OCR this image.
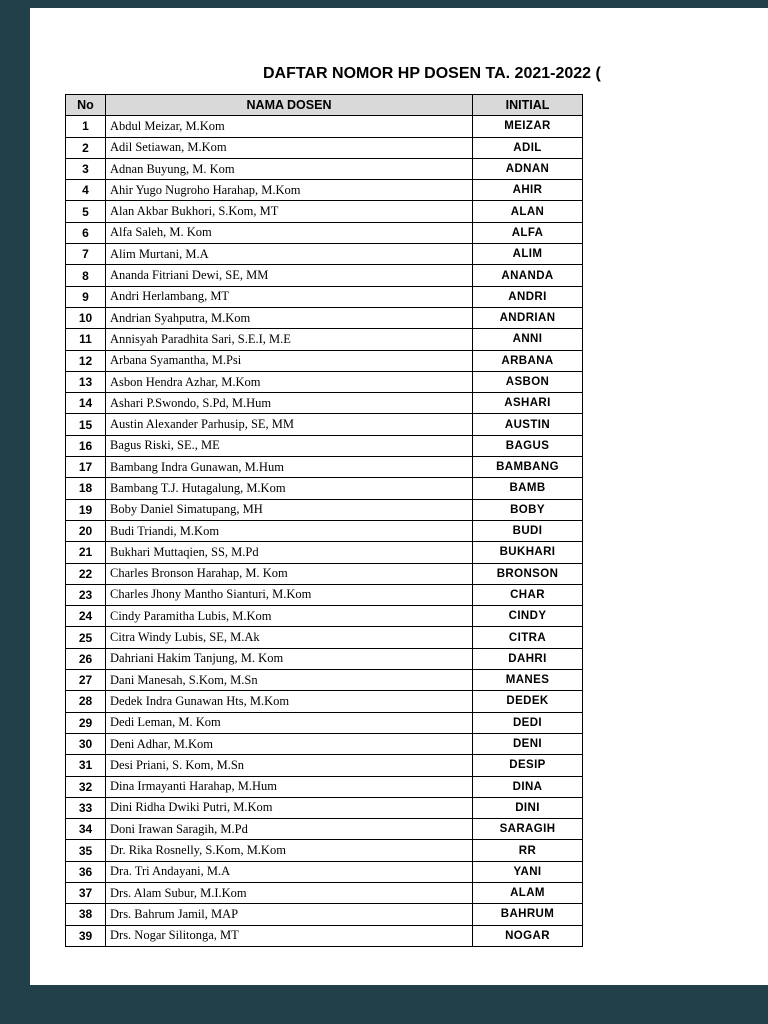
DAFTAR NOMOR HP DOSEN TA. 2021-2022 (
No	NAMA DOSEN	INITIAL
1	Abdul Meizar, M.Kom	MEIZAR
2	Adil Setiawan, M.Kom	ADIL
3	Adnan Buyung, M. Kom	ADNAN
4	Ahir Yugo Nugroho Harahap, M.Kom	AHIR
5	Alan Akbar Bukhori, S.Kom, MT	ALAN
6	Alfa Saleh, M. Kom	ALFA
7	Alim Murtani, M.A	ALIM
8	Ananda Fitriani Dewi, SE, MM	ANANDA
9	Andri Herlambang, MT	ANDRI
10	Andrian Syahputra, M.Kom	ANDRIAN
11	Annisyah Paradhita Sari, S.E.I, M.E	ANNI
12	Arbana Syamantha, M.Psi	ARBANA
13	Asbon Hendra Azhar, M.Kom	ASBON
14	Ashari P.Swondo, S.Pd, M.Hum	ASHARI
15	Austin Alexander Parhusip, SE, MM	AUSTIN
16	Bagus Riski, SE., ME	BAGUS
17	Bambang Indra Gunawan, M.Hum	BAMBANG
18	Bambang T.J. Hutagalung, M.Kom	BAMB
19	Boby Daniel Simatupang, MH	BOBY
20	Budi Triandi, M.Kom	BUDI
21	Bukhari Muttaqien, SS, M.Pd	BUKHARI
22	Charles Bronson Harahap, M. Kom	BRONSON
23	Charles Jhony Mantho Sianturi, M.Kom	CHAR
24	Cindy Paramitha Lubis, M.Kom	CINDY
25	Citra Windy Lubis, SE, M.Ak	CITRA
26	Dahriani Hakim Tanjung, M. Kom	DAHRI
27	Dani Manesah, S.Kom, M.Sn	MANES
28	Dedek Indra Gunawan Hts, M.Kom	DEDEK
29	Dedi Leman, M. Kom	DEDI
30	Deni Adhar, M.Kom	DENI
31	Desi Priani, S. Kom, M.Sn	DESIP
32	Dina Irmayanti Harahap, M.Hum	DINA
33	Dini Ridha Dwiki Putri, M.Kom	DINI
34	Doni Irawan Saragih, M.Pd	SARAGIH
35	Dr. Rika Rosnelly, S.Kom, M.Kom	RR
36	Dra. Tri Andayani, M.A	YANI
37	Drs. Alam Subur, M.I.Kom	ALAM
38	Drs. Bahrum Jamil, MAP	BAHRUM
39	Drs. Nogar Silitonga, MT	NOGAR
